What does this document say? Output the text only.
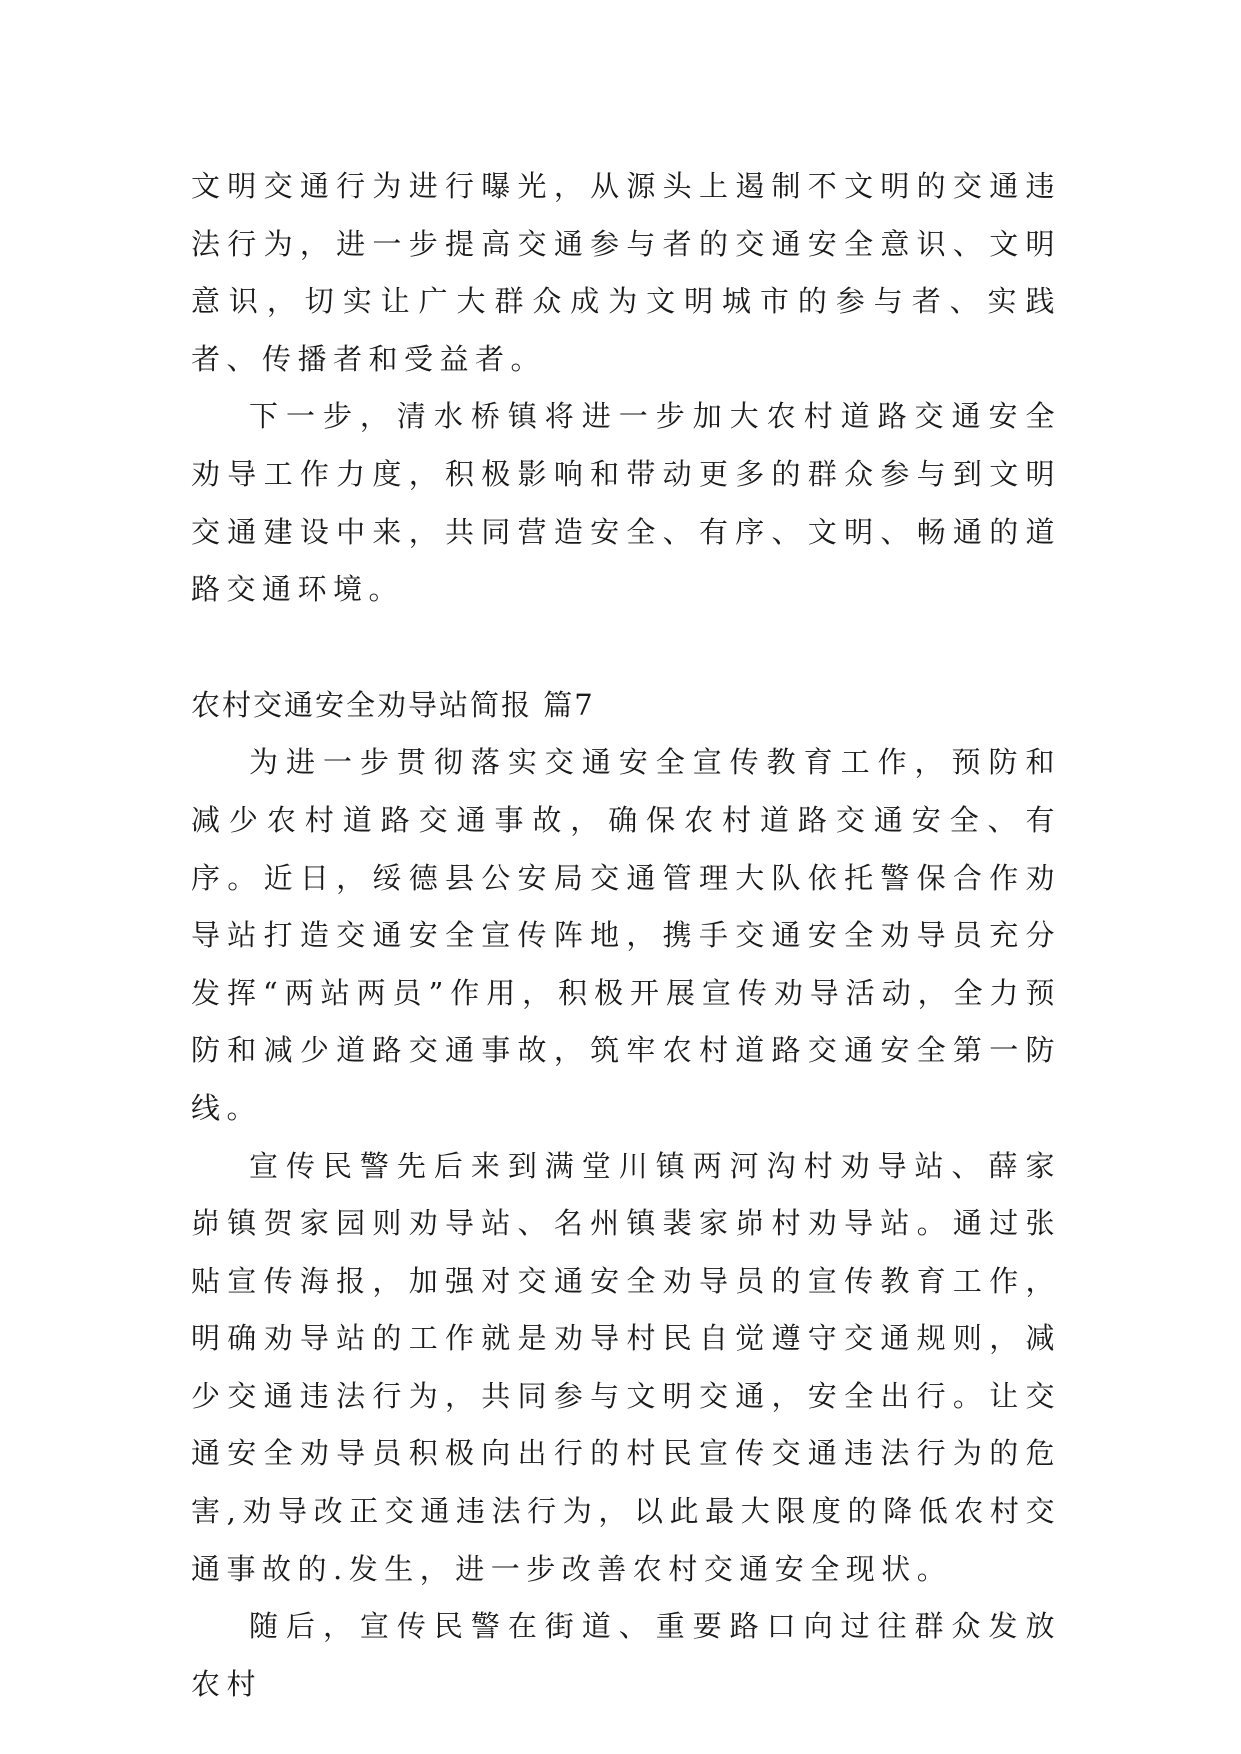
文明交通行为进行曝光，从源头上遏制不文明的交通违法行为，进一步提高交通参与者的交通安全意识、文明意识，切实让广大群众成为文明城市的参与者、实践者、传播者和受益者。

下一步，清水桥镇将进一步加大农村道路交通安全劝导工作力度，积极影响和带动更多的群众参与到文明交通建设中来，共同营造安全、有序、文明、畅通的道路交通环境。

农村交通安全劝导站简报 篇7

为进一步贯彻落实交通安全宣传教育工作，预防和减少农村道路交通事故，确保农村道路交通安全、有序。近日，绥德县公安局交通管理大队依托警保合作劝导站打造交通安全宣传阵地，携手交通安全劝导员充分发挥“两站两员”作用，积极开展宣传劝导活动，全力预防和减少道路交通事故，筑牢农村道路交通安全第一防线。

宣传民警先后来到满堂川镇两河沟村劝导站、薛家峁镇贺家园则劝导站、名州镇裴家峁村劝导站。通过张贴宣传海报，加强对交通安全劝导员的宣传教育工作，明确劝导站的工作就是劝导村民自觉遵守交通规则，减少交通违法行为，共同参与文明交通，安全出行。让交通安全劝导员积极向出行的村民宣传交通违法行为的危害,劝导改正交通违法行为，以此最大限度的降低农村交通事故的.发生，进一步改善农村交通安全现状。

随后，宣传民警在街道、重要路口向过往群众发放农村
